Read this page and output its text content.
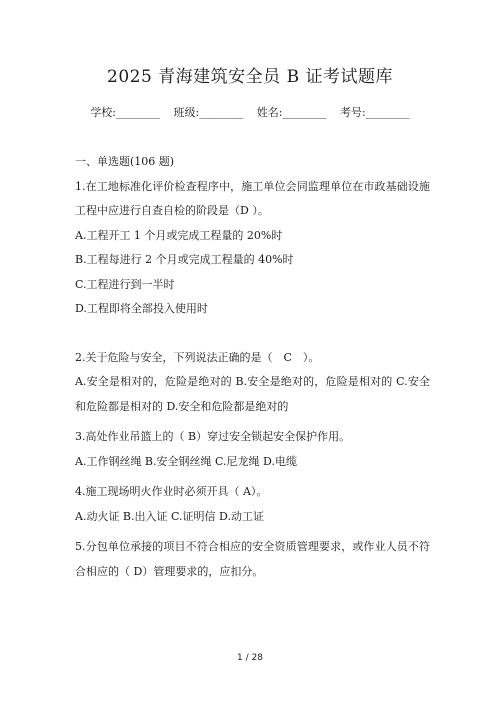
2025 青海建筑安全员 B 证考试题库
学校:________ 班级:________ 姓名:________ 考号:________

一、单选题(106 题)

1.在工地标准化评价检查程序中，施工单位会同监理单位在市政基础设施工程中应进行自查自检的阶段是（D ）。

A.工程开工 1 个月或完成工程量的 20%时

B.工程每进行 2 个月或完成工程量的 40%时

C.工程进行到一半时

D.工程即将全部投入使用时

2.关于危险与安全，下列说法正确的是（　C　）。

A.安全是相对的，危险是绝对的 B.安全是绝对的，危险是相对的 C.安全和危险都是相对的 D.安全和危险都是绝对的

3.高处作业吊篮上的（ B）穿过安全锁起安全保护作用。

A.工作钢丝绳 B.安全钢丝绳 C.尼龙绳 D.电缆

4.施工现场明火作业时必须开具（ A）。

A.动火证 B.出入证 C.证明信 D.动工证

5.分包单位承接的项目不符合相应的安全资质管理要求，或作业人员不符合相应的（ D）管理要求的，应扣分。

1 / 28
